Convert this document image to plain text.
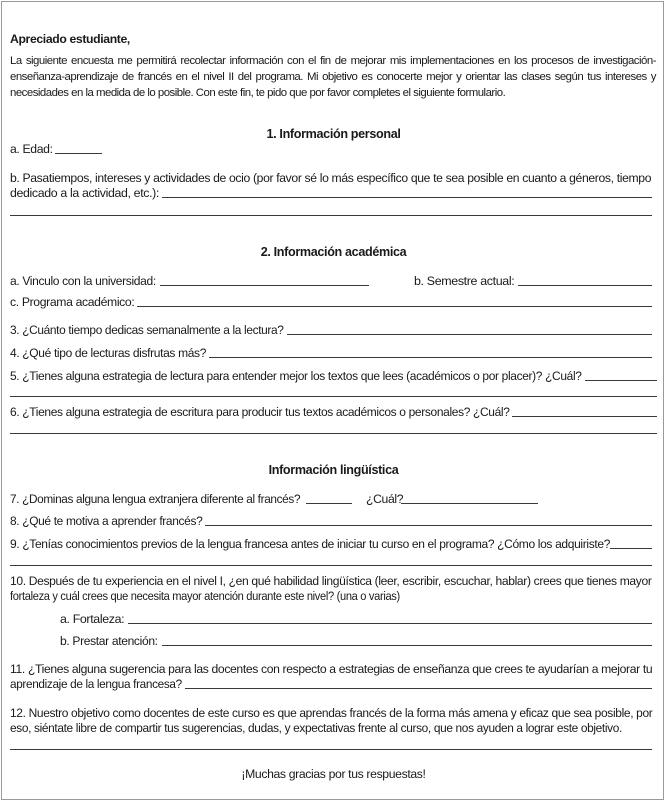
Apreciado estudiante,
La siguiente encuesta me permitirá recolectar información con el fin de mejorar mis implementaciones en los procesos de investigación-enseñanza-aprendizaje de francés en el nivel II del programa. Mi objetivo es conocerte mejor y orientar las clases según tus intereses y necesidades en la medida de lo posible. Con este fin, te pido que por favor completes el siguiente formulario.
1. Información personal
a. Edad:
b. Pasatiempos, intereses y actividades de ocio (por favor sé lo más específico que te sea posible en cuanto a géneros, tiempo
dedicado a la actividad, etc.):
2. Información académica
a. Vinculo con la universidad:	b. Semestre actual:
c. Programa académico:
3. ¿Cuánto tiempo dedicas semanalmente a la lectura?
4. ¿Qué tipo de lecturas disfrutas más?
5. ¿Tienes alguna estrategia de lectura para entender mejor los textos que lees (académicos o por placer)? ¿Cuál?
6. ¿Tienes alguna estrategia de escritura para producir tus textos académicos o personales? ¿Cuál?
Información lingüística
7. ¿Dominas alguna lengua extranjera diferente al francés?	¿Cuál?
8. ¿Qué te motiva a aprender francés?
9. ¿Tenías conocimientos previos de la lengua francesa antes de iniciar tu curso en el programa? ¿Cómo los adquiriste?
10. Después de tu experiencia en el nivel I, ¿en qué habilidad lingüística (leer, escribir, escuchar, hablar) crees que tienes mayor
fortaleza y cuál crees que necesita mayor atención durante este nivel? (una o varias)
a. Fortaleza:
b. Prestar atención:
11. ¿Tienes alguna sugerencia para las docentes con respecto a estrategias de enseñanza que crees te ayudarían a mejorar tu
aprendizaje de la lengua francesa?
12. Nuestro objetivo como docentes de este curso es que aprendas francés de la forma más amena y eficaz que sea posible, por
eso, siéntate libre de compartir tus sugerencias, dudas, y expectativas frente al curso, que nos ayuden a lograr este objetivo.
¡Muchas gracias por tus respuestas!
